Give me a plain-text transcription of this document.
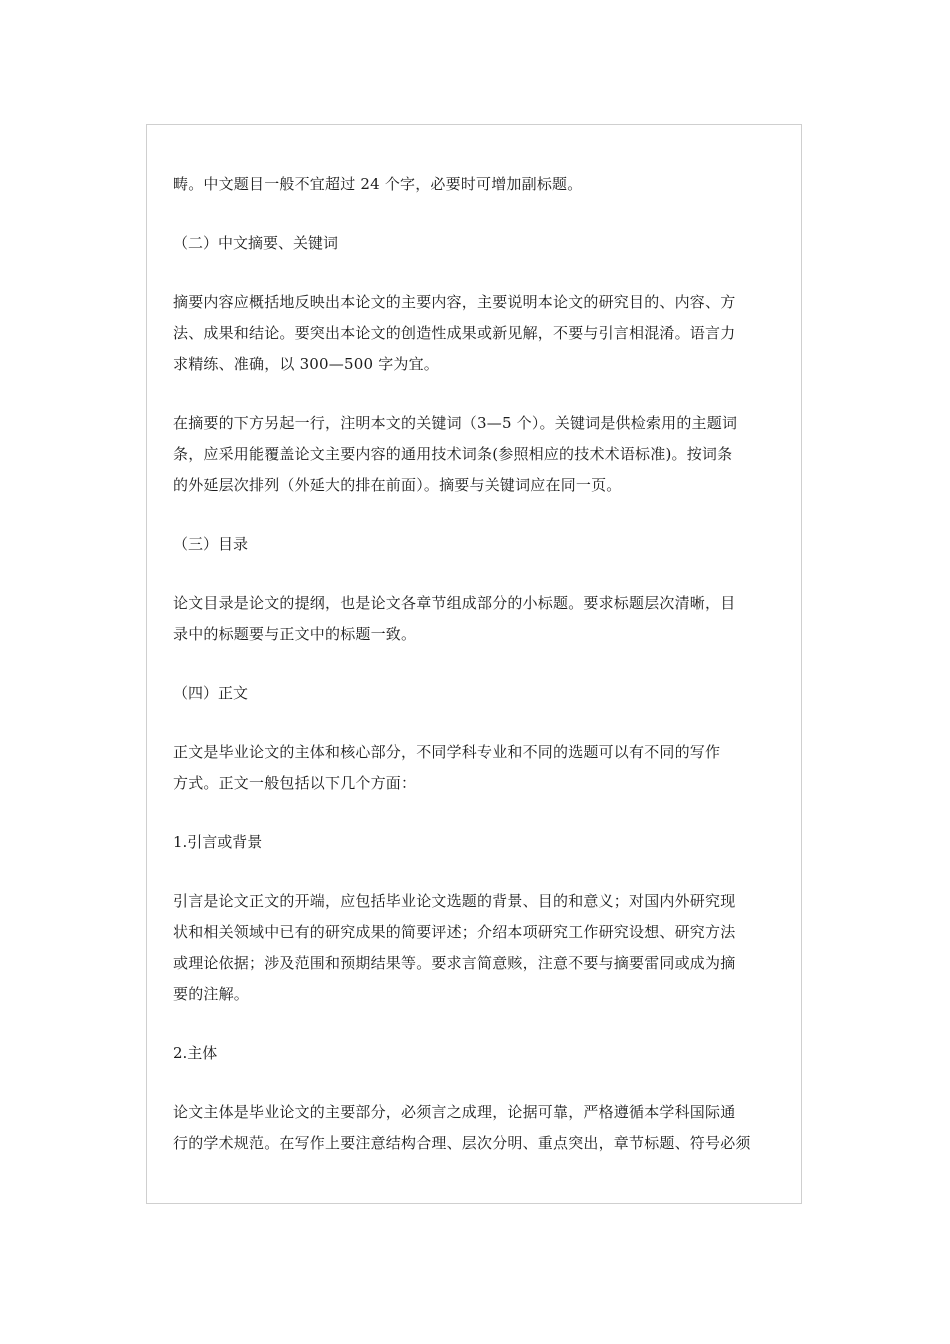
畴。中文题目一般不宜超过 24 个字，必要时可增加副标题。

（二）中文摘要、关键词

摘要内容应概括地反映出本论文的主要内容，主要说明本论文的研究目的、内容、方
法、成果和结论。要突出本论文的创造性成果或新见解，不要与引言相混淆。语言力
求精练、准确，以 300—500 字为宜。

在摘要的下方另起一行，注明本文的关键词（3—5 个）。关键词是供检索用的主题词
条，应采用能覆盖论文主要内容的通用技术词条(参照相应的技术术语标准)。按词条
的外延层次排列（外延大的排在前面）。摘要与关键词应在同一页。

（三）目录

论文目录是论文的提纲，也是论文各章节组成部分的小标题。要求标题层次清晰，目
录中的标题要与正文中的标题一致。

（四）正文

正文是毕业论文的主体和核心部分，不同学科专业和不同的选题可以有不同的写作
方式。正文一般包括以下几个方面：

1.引言或背景

引言是论文正文的开端，应包括毕业论文选题的背景、目的和意义；对国内外研究现
状和相关领域中已有的研究成果的简要评述；介绍本项研究工作研究设想、研究方法
或理论依据；涉及范围和预期结果等。要求言简意赅，注意不要与摘要雷同或成为摘
要的注解。

2.主体

论文主体是毕业论文的主要部分，必须言之成理，论据可靠，严格遵循本学科国际通
行的学术规范。在写作上要注意结构合理、层次分明、重点突出，章节标题、符号必须
